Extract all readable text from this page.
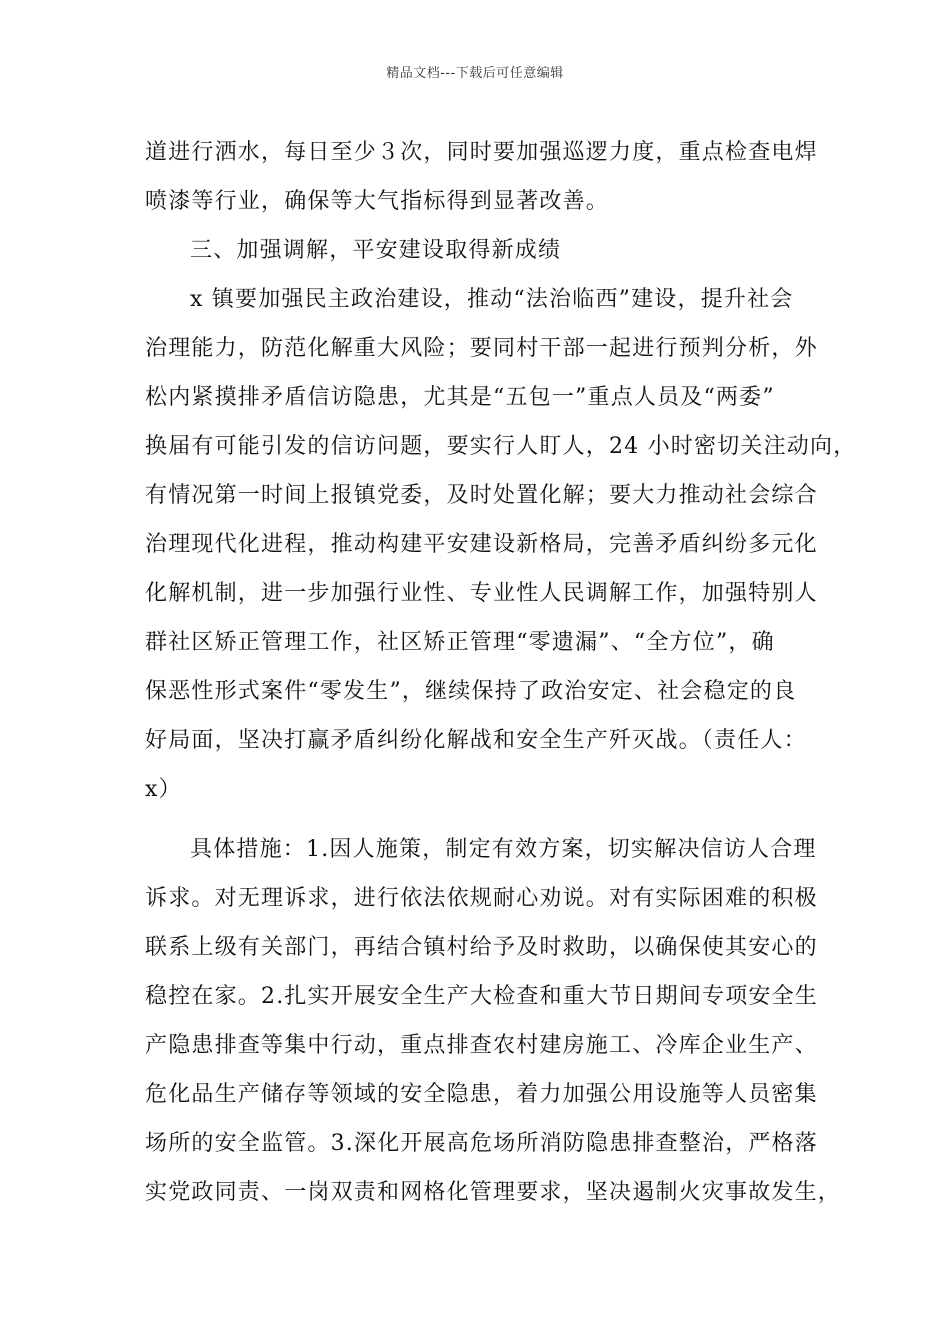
精品文档---下载后可任意编辑
道进行洒水，每日至少３次，同时要加强巡逻力度，重点检查电焊
喷漆等行业，确保等大气指标得到显著改善。
三、加强调解，平安建设取得新成绩
x 镇要加强民主政治建设，推动“法治临西”建设，提升社会
治理能力，防范化解重大风险；要同村干部一起进行预判分析，外
松内紧摸排矛盾信访隐患，尤其是“五包一”重点人员及“两委”
换届有可能引发的信访问题，要实行人盯人，24 小时密切关注动向，
有情况第一时间上报镇党委，及时处置化解；要大力推动社会综合
治理现代化进程，推动构建平安建设新格局，完善矛盾纠纷多元化
化解机制，进一步加强行业性、专业性人民调解工作，加强特别人
群社区矫正管理工作，社区矫正管理“零遗漏”、“全方位”，确
保恶性形式案件“零发生”，继续保持了政治安定、社会稳定的良
好局面，坚决打赢矛盾纠纷化解战和安全生产歼灭战。（责任人：
x）
具体措施：1.因人施策，制定有效方案，切实解决信访人合理
诉求。对无理诉求，进行依法依规耐心劝说。对有实际困难的积极
联系上级有关部门，再结合镇村给予及时救助，以确保使其安心的
稳控在家。2.扎实开展安全生产大检查和重大节日期间专项安全生
产隐患排查等集中行动，重点排查农村建房施工、冷库企业生产、
危化品生产储存等领域的安全隐患，着力加强公用设施等人员密集
场所的安全监管。3.深化开展高危场所消防隐患排查整治，严格落
实党政同责、一岗双责和网格化管理要求，坚决遏制火灾事故发生，
